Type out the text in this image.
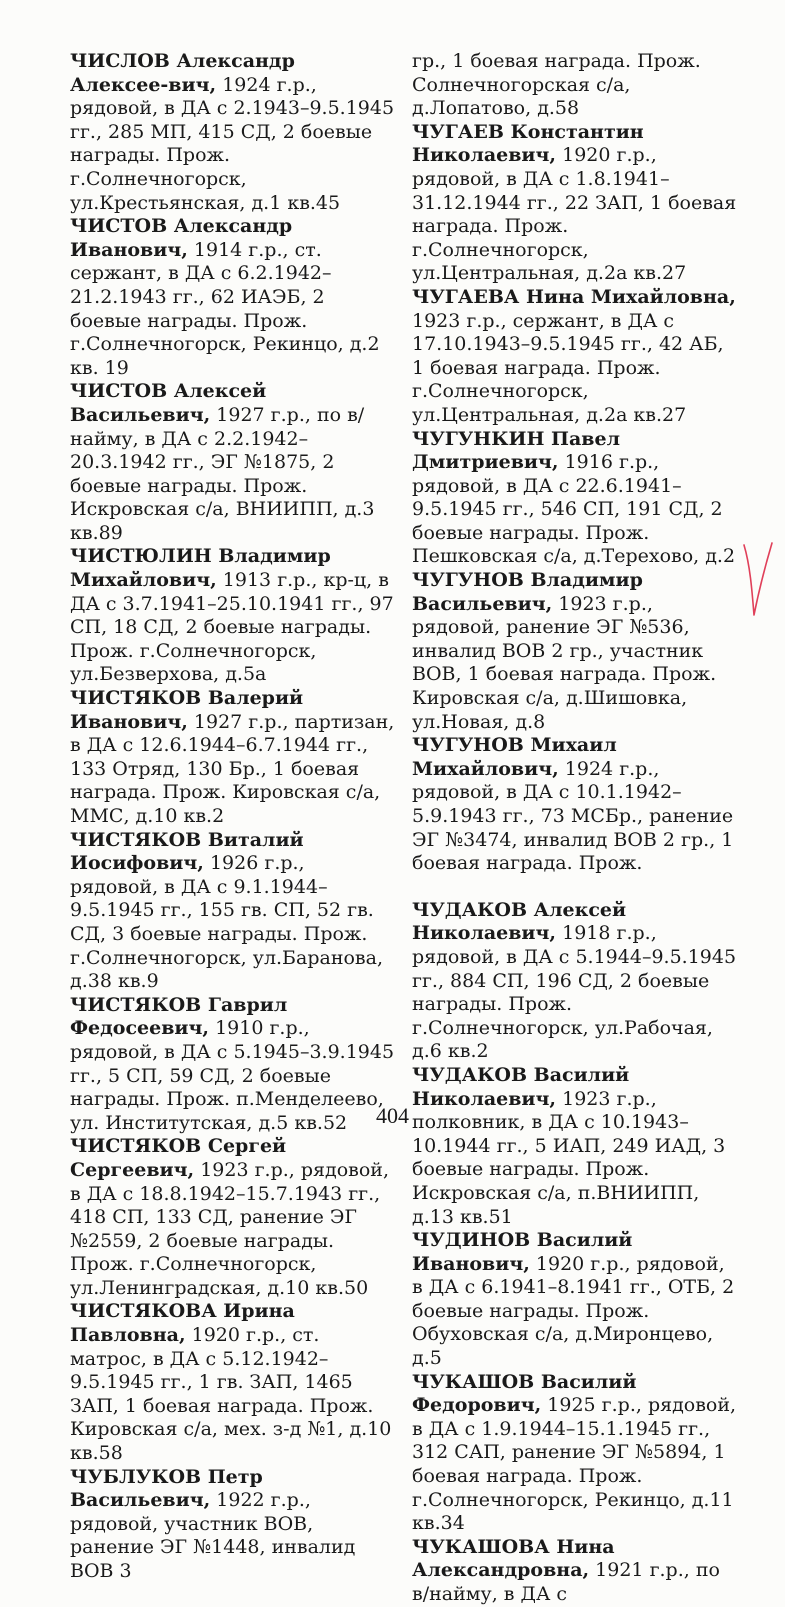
ЧИСЛОВ Александр Алексее-вич, 1924 г.р., рядовой, в ДА с 2.1943–9.5.1945 гг., 285 МП, 415 СД, 2 боевые награды. Прож. г.Солнечногорск, ул.Крестьянская, д.1 кв.45

ЧИСТОВ Александр Иванович, 1914 г.р., ст. сержант, в ДА с 6.2.1942–21.2.1943 гг., 62 ИАЭБ, 2 боевые награды. Прож. г.Солнечногорск, Рекинцо, д.2 кв. 19

ЧИСТОВ Алексей Васильевич, 1927 г.р., по в/найму, в ДА с 2.2.1942–20.3.1942 гг., ЭГ №1875, 2 боевые награды. Прож. Искровская с/а, ВНИИПП, д.3 кв.89

ЧИСТЮЛИН Владимир Михайлович, 1913 г.р., кр-ц, в ДА с 3.7.1941–25.10.1941 гг., 97 СП, 18 СД, 2 боевые награды. Прож. г.Солнечногорск, ул.Безверхова, д.5а

ЧИСТЯКОВ Валерий Иванович, 1927 г.р., партизан, в ДА с 12.6.1944–6.7.1944 гг., 133 Отряд, 130 Бр., 1 боевая награда. Прож. Кировская с/а, ММС, д.10 кв.2

ЧИСТЯКОВ Виталий Иосифович, 1926 г.р., рядовой, в ДА с 9.1.1944–9.5.1945 гг., 155 гв. СП, 52 гв. СД, 3 боевые награды. Прож. г.Солнечногорск, ул.Баранова, д.38 кв.9

ЧИСТЯКОВ Гаврил Федосеевич, 1910 г.р., рядовой, в ДА с 5.1945–3.9.1945 гг., 5 СП, 59 СД, 2 боевые награды. Прож. п.Менделеево, ул. Институтская, д.5 кв.52

ЧИСТЯКОВ Сергей Сергеевич, 1923 г.р., рядовой, в ДА с 18.8.1942–15.7.1943 гг., 418 СП, 133 СД, ранение ЭГ №2559, 2 боевые награды. Прож. г.Солнечногорск, ул.Ленинградская, д.10 кв.50

ЧИСТЯКОВА Ирина Павловна, 1920 г.р., ст. матрос, в ДА с 5.12.1942–9.5.1945 гг., 1 гв. ЗАП, 1465 ЗАП, 1 боевая награда. Прож. Кировская с/а, мех. з-д №1, д.10 кв.58

ЧУБЛУКОВ Петр Васильевич, 1922 г.р., рядовой, участник ВОВ, ранение ЭГ №1448, инвалид ВОВ 3

гр., 1 боевая награда. Прож. Солнечногорская с/а, д.Лопатово, д.58

ЧУГАЕВ Константин Николаевич, 1920 г.р., рядовой, в ДА с 1.8.1941–31.12.1944 гг., 22 ЗАП, 1 боевая награда. Прож. г.Солнечногорск, ул.Центральная, д.2а кв.27

ЧУГАЕВА Нина Михайловна, 1923 г.р., сержант, в ДА с 17.10.1943–9.5.1945 гг., 42 АБ, 1 боевая награда. Прож. г.Солнечногорск, ул.Центральная, д.2а кв.27

ЧУГУНКИН Павел Дмитриевич, 1916 г.р., рядовой, в ДА с 22.6.1941–9.5.1945 гг., 546 СП, 191 СД, 2 боевые награды. Прож. Пешковская с/а, д.Терехово, д.2

ЧУГУНОВ Владимир Васильевич, 1923 г.р., рядовой, ранение ЭГ №536, инвалид ВОВ 2 гр., участник ВОВ, 1 боевая награда. Прож. Кировская с/а, д.Шишовка, ул.Новая, д.8

ЧУГУНОВ Михаил Михайлович, 1924 г.р., рядовой, в ДА с 10.1.1942–5.9.1943 гг., 73 МСБр., ранение ЭГ №3474, инвалид ВОВ 2 гр., 1 боевая награда. Прож.

ЧУДАКОВ Алексей Николаевич, 1918 г.р., рядовой, в ДА с 5.1944–9.5.1945 гг., 884 СП, 196 СД, 2 боевые награды. Прож. г.Солнечногорск, ул.Рабочая, д.6 кв.2

ЧУДАКОВ Василий Николаевич, 1923 г.р., полковник, в ДА с 10.1943–10.1944 гг., 5 ИАП, 249 ИАД, 3 боевые награды. Прож. Искровская с/а, п.ВНИИПП, д.13 кв.51

ЧУДИНОВ Василий Иванович, 1920 г.р., рядовой, в ДА с 6.1941–8.1941 гг., ОТБ, 2 боевые награды. Прож. Обуховская с/а, д.Миронцево, д.5

ЧУКАШОВ Василий Федорович, 1925 г.р., рядовой, в ДА с 1.9.1944–15.1.1945 гг., 312 САП, ранение ЭГ №5894, 1 боевая награда. Прож. г.Солнечногорск, Рекинцо, д.11 кв.34

ЧУКАШОВА Нина Александровна, 1921 г.р., по в/найму, в ДА с

404
